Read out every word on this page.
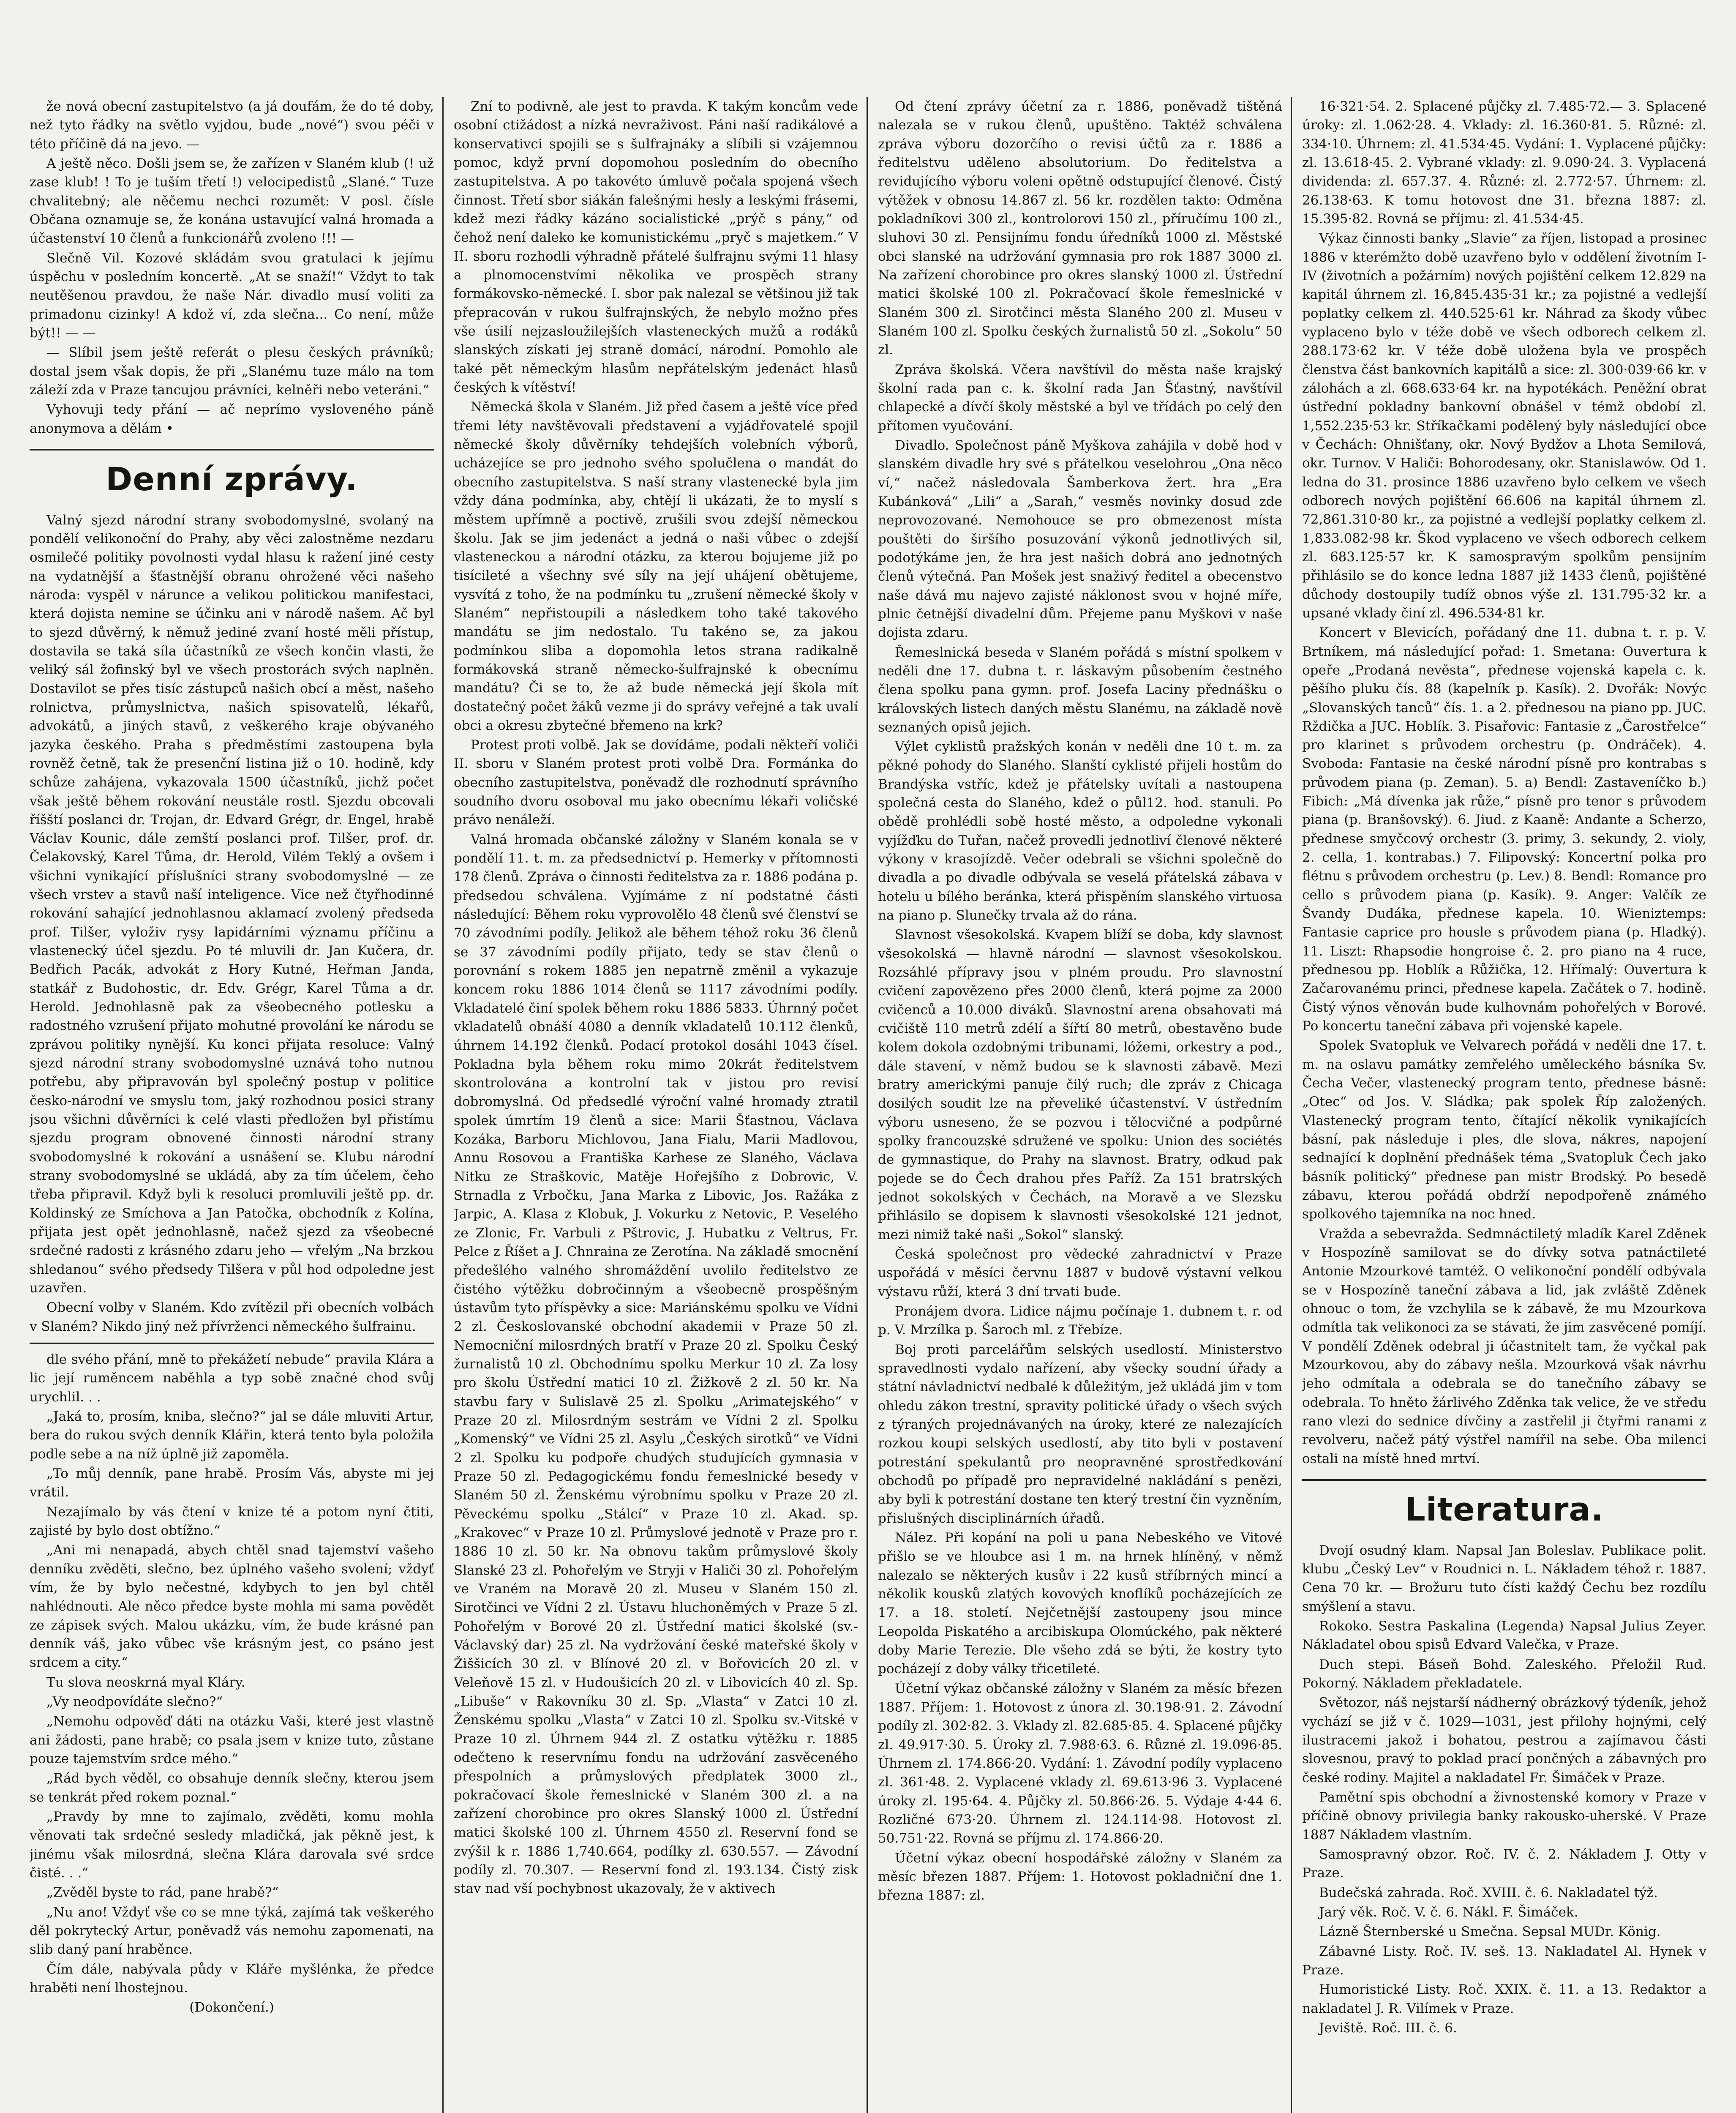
že nová obecní zastupitelstvo (a já doufám, že do té doby, než tyto řádky na světlo vyjdou, bude „nové“) svou péči v této příčině dá na jevo. —

A ještě něco. Došli jsem se, že zařízen v Slaném klub (! už zase klub! ! To je tuším třetí !) velocipedistů „Slané.“ Tuze chvalitebný; ale něčemu nechci rozumět: V posl. čísle Občana oznamuje se, že konána ustavující valná hromada a účastenství 10 členů a funkcionářů zvoleno !!! —

Slečně Vil. Kozové skládám svou gratulaci k jejímu úspěchu v posledním koncertě. „At se snaží!“ Vždyt to tak neutěšenou pravdou, že naše Nár. divadlo musí voliti za primadonu cizinky! A kdož ví, zda slečna... Co není, může být!! — —

— Slíbil jsem ještě referát o plesu českých právníků; dostal jsem však dopis, že při „Slanému tuze málo na tom záleží zda v Praze tancujou právníci, kelněři nebo veteráni.“

Vyhovuji tedy přání — ač neprímo vysloveného páně anonymova a dělám •

Denní zprávy.

Valný sjezd národní strany svobodomyslné, svolaný na pondělí velikonoční do Prahy, aby věci zalostněme nezdaru osmilečé politiky povolnosti vydal hlasu k ražení jiné cesty na vydatnější a šťastnější obranu ohrožené věci našeho národa: vyspěl v nárunce a velikou politickou manifestaci, která dojista nemine se účinku ani v národě našem. Ač byl to sjezd důvěrný, k němuž jediné zvaní hosté měli přístup, dostavila se taká síla účastníků ze všech končin vlasti, že veliký sál žofinský byl ve všech prostorách svých naplněn. Dostavilot se přes tisíc zástupců našich obcí a měst, našeho rolnictva, průmyslnictva, našich spisovatelů, lékařů, advokátů, a jiných stavů, z veškerého kraje obývaného jazyka českého. Praha s předměstími zastoupena byla rovněž četně, tak že presenční listina již o 10. hodině, kdy schůze zahájena, vykazovala 1500 účastníků, jichž počet však ještě během rokování neustále rostl. Sjezdu obcovali říšští poslanci dr. Trojan, dr. Edvard Grégr, dr. Engel, hrabě Václav Kounic, dále zemští poslanci prof. Tilšer, prof. dr. Čelakovský, Karel Tůma, dr. Herold, Vilém Teklý a ovšem i všichni vynikající příslušníci strany svobodomyslné — ze všech vrstev a stavů naší inteligence. Vice než čtyřhodinné rokování sahající jednohlasnou aklamací zvolený předseda prof. Tilšer, vyloživ rysy lapidárními významu příčinu a vlastenecký účel sjezdu. Po té mluvili dr. Jan Kučera, dr. Bedřich Pacák, advokát z Hory Kutné, Heřman Janda, statkář z Budohostic, dr. Edv. Grégr, Karel Tůma a dr. Herold. Jednohlasně pak za všeobecného potlesku a radostného vzrušení přijato mohutné provolání ke národu se zprávou politiky nynější. Ku konci přijata resoluce: Valný sjezd národní strany svobodomyslné uznává toho nutnou potřebu, aby připravován byl společný postup v politice česko-národní ve smyslu tom, jaký rozhodnou posici strany jsou všichni důvěrníci k celé vlasti předložen byl přistímu sjezdu program obnovené činnosti národní strany svobodomyslné k rokování a usnášení se. Klubu národní strany svobodomyslné se ukládá, aby za tím účelem, čeho třeba připravil. Když byli k resoluci promluvili ještě pp. dr. Koldinský ze Smíchova a Jan Patočka, obchodník z Kolína, přijata jest opět jednohlasně, načež sjezd za všeobecné srdečné radosti z krásného zdaru jeho — vřelým „Na brzkou shledanou“ svého předsedy Tilšera v půl hod odpoledne jest uzavřen.

Obecní volby v Slaném. Kdo zvítězil při obecních volbách v Slaném? Nikdo jiný než přívrženci německého šulfrainu.

dle svého přání, mně to překážetí nebude“ pravila Klára a lic její ruměncem naběhla a typ sobě značné chod svůj urychlil. . .

„Jaká to, prosím, kniba, slečno?“ jal se dále mluviti Artur, bera do rukou svých denník Klářin, která tento byla položila podle sebe a na níž úplně již zapoměla.

„To můj denník, pane hrabě. Prosím Vás, abyste mi jej vrátil.

Nezajímalo by vás čtení v knize té a potom nyní čtiti, zajisté by bylo dost obtížno.“

„Ani mi nenapadá, abych chtěl snad tajemství vašeho denníku zvěděti, slečno, bez úplného vašeho svolení; vždyť vím, že by bylo nečestné, kdybych to jen byl chtěl nahlédnouti. Ale něco předce byste mohla mi sama povědět ze zápisek svých. Malou ukázku, vím, že bude krásné pan denník váš, jako vůbec vše krásným jest, co psáno jest srdcem a city.“

Tu slova neoskrná myal Kláry.

„Vy neodpovídáte slečno?“

„Nemohu odpověď dáti na otázku Vaši, které jest vlastně ani žádosti, pane hrabě; co psala jsem v knize tuto, zůstane pouze tajemstvím srdce mého.“

„Rád bych věděl, co obsahuje denník slečny, kterou jsem se tenkrát před rokem poznal.“

„Pravdy by mne to zajímalo, zvěděti, komu mohla věnovati tak srdečné sesledy mladičká, jak pěkně jest, k jinému však milosrdná, slečna Klára darovala své srdce čisté. . .“

„Zvěděl byste to rád, pane hrabě?“

„Nu ano! Vždyť vše co se mne týká, zajímá tak veškerého děl pokrytecký Artur, poněvadž vás nemohu zapomenati, na slib daný paní hraběnce.

Čím dále, nabývala půdy v Kláře myšlénka, že předce hraběti není lhostejnou.

(Dokončení.)

Zní to podivně, ale jest to pravda. K takým koncům vede osobní ctižádost a nízká nevraživost. Páni naší radikálové a konservativci spojili se s šulfrajnáky a slíbili si vzájemnou pomoc, když první dopomohou posledním do obecního zastupitelstva. A po takovéto úmluvě počala spojená všech činnost. Třetí sbor siákán falešnými hesly a leskými frásemi, kdež mezi řádky kázáno socialistické „prýč s pány,“ od čehož není daleko ke komunistickému „pryč s majetkem.“ V II. sboru rozhodli výhradně přátelé šulfrajnu svými 11 hlasy a plnomocenstvími několika ve prospěch strany formákovsko-německé. I. sbor pak nalezal se většinou již tak přepracován v rukou šulfrajnských, že nebylo možno přes vše úsilí nejzasloužilejších vlasteneckých mužů a rodáků slanských získati jej straně domácí, národní. Pomohlo ale také pět německým hlasům nepřátelským jedenáct hlasů českých k vítěství!

Německá škola v Slaném. Již před časem a ještě více před třemi léty navštěvovali představení a vyjádřovatelé spojil německé školy důvěrníky tehdejších volebních výborů, ucházejíce se pro jednoho svého spolučlena o mandát do obecního zastupitelstva. S naší strany vlastenecké byla jim vždy dána podmínka, aby, chtějí li ukázati, že to myslí s městem upřímně a poctivě, zrušili svou zdejší německou školu. Jak se jim jedenáct a jedná o naši vůbec o zdejší vlasteneckou a národní otázku, za kterou bojujeme již po tisícileté a všechny své síly na její uhájení obětujeme, vysvítá z toho, že na podmínku tu „zrušení německé školy v Slaném“ nepřistoupili a následkem toho také takového mandátu se jim nedostalo. Tu takéno se, za jakou podmínkou sliba a dopomohla letos strana radikalně formákovská straně německo-šulfrajnské k obecnímu mandátu? Či se to, že až bude německá její škola mít dostatečný počet žáků vezme ji do správy veřejné a tak uvalí obci a okresu zbytečné břemeno na krk?

Protest proti volbě. Jak se dovídáme, podali někteří voliči II. sboru v Slaném protest proti volbě Dra. Formánka do obecního zastupitelstva, poněvadž dle rozhodnutí správního soudního dvoru osoboval mu jako obecnímu lékaři voličské právo nenáleží.

Valná hromada občanské záložny v Slaném konala se v pondělí 11. t. m. za předsednictví p. Hemerky v přítomnosti 178 členů. Zpráva o činnosti ředitelstva za r. 1886 podána p. předsedou schválena. Vyjímáme z ní podstatné části následující: Během roku vyprovolělo 48 členů své členství se 70 závodními podíly. Jelikož ale během téhož roku 36 členů se 37 závodními podíly přijato, tedy se stav členů o porovnání s rokem 1885 jen nepatrně změnil a vykazuje koncem roku 1886 1014 členů se 1117 závodními podíly. Vkladatelé činí spolek během roku 1886 5833. Úhrnný počet vkladatelů obnáší 4080 a denník vkladatelů 10.112 členků, úhrnem 14.192 členků. Podací protokol dosáhl 1043 čísel. Pokladna byla během roku mimo 20krát ředitelstvem skontrolována a kontrolní tak v jistou pro revisí dobromyslná. Od předsedlé výroční valné hromady ztratil spolek úmrtím 19 členů a sice: Marii Šťastnou, Václava Kozáka, Barboru Michlovou, Jana Fialu, Marii Madlovou, Annu Rosovou a Františka Karhese ze Slaného, Václava Nitku ze Straškovic, Matěje Hořejšího z Dobrovic, V. Strnadla z Vrbočku, Jana Marka z Libovic, Jos. Ražáka z Jarpic, A. Klasa z Klobuk, J. Vokurku z Netovic, P. Veselého ze Zlonic, Fr. Varbuli z Pštrovic, J. Hubatku z Veltrus, Fr. Pelce z Říšet a J. Chnraina ze Zerotína. Na základě smocnění předešlého valného shromáždění uvolilo ředitelstvo ze čistého výtěžku dobročinným a všeobecně prospěšným ústavům tyto příspěvky a sice: Mariánskému spolku ve Vídni 2 zl. Českoslovanské obchodní akademii v Praze 50 zl. Nemocniční milosrdných bratří v Praze 20 zl. Spolku Český žurnalistů 10 zl. Obchodnímu spolku Merkur 10 zl. Za losy pro školu Ústřední matici 10 zl. Žižkově 2 zl. 50 kr. Na stavbu fary v Sulislavě 25 zl. Spolku „Arimatejského“ v Praze 20 zl. Milosrdným sestrám ve Vídni 2 zl. Spolku „Komenský“ ve Vídni 25 zl. Asylu „Českých sirotků“ ve Vídni 2 zl. Spolku ku podpoře chudých studujících gymnasia v Praze 50 zl. Pedagogickému fondu řemeslnické besedy v Slaném 50 zl. Ženskému výrobnímu spolku v Praze 20 zl. Pěveckému spolku „Stálcí“ v Praze 10 zl. Akad. sp. „Krakovec“ v Praze 10 zl. Průmyslové jednotě v Praze pro r. 1886 10 zl. 50 kr. Na obnovu takům průmyslové školy Slanské 23 zl. Pohořelým ve Stryji v Haliči 30 zl. Pohořelým ve Vraném na Moravě 20 zl. Museu v Slaném 150 zl. Sirotčinci ve Vídni 2 zl. Ústavu hluchoněmých v Praze 5 zl. Pohořelým v Borové 20 zl. Ústřední matici školské (sv.-Václavský dar) 25 zl. Na vydržování české mateřské školy v Žiššicích 30 zl. v Blínové 20 zl. v Bořovicích 20 zl. v Veleňově 15 zl. v Hudoušicích 20 zl. v Libovicích 40 zl. Sp. „Libuše“ v Rakovníku 30 zl. Sp. „Vlasta“ v Zatci 10 zl. Ženskému spolku „Vlasta“ v Zatci 10 zl. Spolku sv.-Vitské v Praze 10 zl. Úhrnem 944 zl. Z ostatku výtěžku r. 1885 odečteno k reservnímu fondu na udržování zasvěceného přespolních a průmyslových předplatek 3000 zl., pokračovací škole řemeslnické v Slaném 300 zl. a na zařízení chorobince pro okres Slanský 1000 zl. Ústřední matici školské 100 zl. Úhrnem 4550 zl. Reservní fond se zvýšil k r. 1886 1,740.664, podílky zl. 630.557. — Závodní podíly zl. 70.307. — Reservní fond zl. 193.134. Čistý zisk stav nad vší pochybnost ukazovaly, že v aktivech

Od čtení zprávy účetní za r. 1886, poněvadž tištěná nalezala se v rukou členů, upuštěno. Taktéž schválena zpráva výboru dozorčího o revisi účtů za r. 1886 a ředitelstvu uděleno absolutorium. Do ředitelstva a revidujícího výboru voleni opětně odstupující členové. Čistý výtěžek v obnosu 14.867 zl. 56 kr. rozdělen takto: Odměna pokladníkovi 300 zl., kontrolorovi 150 zl., příručímu 100 zl., sluhovi 30 zl. Pensijnímu fondu úředníků 1000 zl. Městské obci slanské na udržování gymnasia pro rok 1887 3000 zl. Na zařízení chorobince pro okres slanský 1000 zl. Ústřední matici školské 100 zl. Pokračovací škole řemeslnické v Slaném 300 zl. Sirotčinci města Slaného 200 zl. Museu v Slaném 100 zl. Spolku českých žurnalistů 50 zl. „Sokolu“ 50 zl.

Zpráva školská. Včera navštívil do města naše krajský školní rada pan c. k. školní rada Jan Šťastný, navštívil chlapecké a dívčí školy městské a byl ve třídách po celý den přítomen vyučování.

Divadlo. Společnost páně Myškova zahájila v době hod v slanském divadle hry své s přátelkou veselohrou „Ona něco ví,“ načež následovala Šamberkova žert. hra „Era Kubánková“ „Lili“ a „Sarah,“ vesměs novinky dosud zde neprovozované. Nemohouce se pro obmezenost místa pouštěti do širšího posuzování výkonů jednotlivých sil, podotýkáme jen, že hra jest našich dobrá ano jednotných členů výtečná. Pan Mošek jest snaživý ředitel a obecenstvo naše dává mu najevo zajisté náklonost svou v hojné míře, plnic četnější divadelní dům. Přejeme panu Myškovi v naše dojista zdaru.

Řemeslnická beseda v Slaném pořádá s místní spolkem v neděli dne 17. dubna t. r. láskavým působením čestného člena spolku pana gymn. prof. Josefa Laciny přednášku o královských listech daných městu Slanému, na základě nově seznaných opisů jejich.

Výlet cyklistů pražských konán v neděli dne 10 t. m. za pěkné pohody do Slaného. Slanští cyklisté přijeli hostům do Brandýska vstříc, kdež je přátelsky uvítali a nastoupena společná cesta do Slaného, kdež o půl12. hod. stanuli. Po obědě prohlédli sobě hosté město, a odpoledne vykonali vyjížďku do Tuřan, načež provedli jednotliví členové některé výkony v krasojízdě. Večer odebrali se všichni společně do divadla a po divadle odbývala se veselá přátelská zábava v hotelu u bílého beránka, která přispěním slanského virtuosa na piano p. Slunečky trvala až do rána.

Slavnost všesokolská. Kvapem blíží se doba, kdy slavnost všesokolská — hlavně národní — slavnost všesokolskou. Rozsáhlé přípravy jsou v plném proudu. Pro slavnostní cvičení zapovězeno přes 2000 členů, která pojme za 2000 cvičenců a 10.000 diváků. Slavnostní arena obsahovati má cvičiště 110 metrů zdélí a šířtí 80 metrů, obestavěno bude kolem dokola ozdobnými tribunami, lóžemi, orkestry a pod., dále stavení, v němž budou se k slavnosti zábavě. Mezi bratry americkými panuje čilý ruch; dle zpráv z Chicaga dosilých soudit lze na převeliké účastenství. V ústředním výboru usneseno, že se pozvou i tělocvičné a podpůrné spolky francouzské sdružené ve spolku: Union des sociétés de gymnastique, do Prahy na slavnost. Bratry, odkud pak pojede se do Čech drahou přes Paříž. Za 151 bratrských jednot sokolských v Čechách, na Moravě a ve Slezsku přihlásilo se dopisem k slavnosti všesokolské 121 jednot, mezi nimiž také naši „Sokol“ slanský.

Česká společnost pro vědecké zahradnictví v Praze uspořádá v měsíci červnu 1887 v budově výstavní velkou výstavu růží, která 3 dní trvati bude.

Pronájem dvora. Lidice nájmu počínaje 1. dubnem t. r. od p. V. Mrzílka p. Šaroch ml. z Třebíze.

Boj proti parcelářům selských usedlostí. Ministerstvo spravedlnosti vydalo nařízení, aby všecky soudní úřady a státní návladnictví nedbalé k důležitým, jež ukládá jim v tom ohledu zákon trestní, spravity politické úřady o všech svých z týraných projednávaných na úroky, které ze nalezajících rozkou koupi selských usedlostí, aby tito byli v postavení potrestání spekulantů pro neopravněné sprostředkování obchodů po případě pro nepravidelné nakládání s penězi, aby byli k potrestání dostane ten který trestní čin vyzněním, přislušných disciplinárních úřadů.

Nález. Při kopání na poli u pana Nebeského ve Vitové přišlo se ve hloubce asi 1 m. na hrnek hlíněný, v němž nalezalo se některých kusův i 22 kusů stříbrných mincí a několik kousků zlatých kovových knoflíků pocházejících ze 17. a 18. století. Nejčetnější zastoupeny jsou mince Leopolda Piskatého a arcibiskupa Olomúckého, pak některé doby Marie Terezie. Dle všeho zdá se býti, že kostry tyto pocházejí z doby války třicetileté.

Účetní výkaz občanské záložny v Slaném za měsíc březen 1887. Příjem: 1. Hotovost z února zl. 30.198·91. 2. Závodní podíly zl. 302·82. 3. Vklady zl. 82.685·85. 4. Splacené půjčky zl. 49.917·30. 5. Úroky zl. 7.988·63. 6. Různé zl. 19.096·85. Úhrnem zl. 174.866·20. Vydání: 1. Závodní podíly vyplaceno zl. 361·48. 2. Vyplacené vklady zl. 69.613·96 3. Vyplacené úroky zl. 195·64. 4. Půjčky zl. 50.866·26. 5. Výdaje 4·44 6. Rozličné 673·20. Úhrnem zl. 124.114·98. Hotovost zl. 50.751·22. Rovná se příjmu zl. 174.866·20.

Účetní výkaz obecní hospodářské záložny v Slaném za měsíc březen 1887. Příjem: 1. Hotovost pokladniční dne 1. března 1887: zl.

16·321·54. 2. Splacené půjčky zl. 7.485·72.— 3. Splacené úroky: zl. 1.062·28. 4. Vklady: zl. 16.360·81. 5. Různé: zl. 334·10. Úhrnem: zl. 41.534·45. Vydání: 1. Vyplacené půjčky: zl. 13.618·45. 2. Vybrané vklady: zl. 9.090·24. 3. Vyplacená dividenda: zl. 657.37. 4. Různé: zl. 2.772·57. Úhrnem: zl. 26.138·63. K tomu hotovost dne 31. března 1887: zl. 15.395·82. Rovná se příjmu: zl. 41.534·45.

Výkaz činnosti banky „Slavie“ za říjen, listopad a prosinec 1886 v kterémžto době uzavřeno bylo v oddělení životním I-IV (životních a požárním) nových pojištění celkem 12.829 na kapitál úhrnem zl. 16,845.435·31 kr.; za pojistné a vedlejší poplatky celkem zl. 440.525·61 kr. Náhrad za škody vůbec vyplaceno bylo v téže době ve všech odborech celkem zl. 288.173·62 kr. V téže době uložena byla ve prospěch členstva část bankovních kapitálů a sice: zl. 300·039·66 kr. v zálohách a zl. 668.633·64 kr. na hypotékách. Peněžní obrat ústřední pokladny bankovní obnášel v témž období zl. 1,552.235·53 kr. Stříkačkami podělený byly následující obce v Čechách: Ohnišťany, okr. Nový Bydžov a Lhota Semilová, okr. Turnov. V Haliči: Bohorodesany, okr. Stanislawów. Od 1. ledna do 31. prosince 1886 uzavřeno bylo celkem ve všech odborech nových pojištění 66.606 na kapitál úhrnem zl. 72,861.310·80 kr., za pojistné a vedlejší poplatky celkem zl. 1,833.082·98 kr. Škod vyplaceno ve všech odborech celkem zl. 683.125·57 kr. K samospravým spolkům pensijním přihlásilo se do konce ledna 1887 již 1433 členů, pojištěné důchody dostoupily tudíž obnos výše zl. 131.795·32 kr. a upsané vklady činí zl. 496.534·81 kr.

Koncert v Blevicích, pořádaný dne 11. dubna t. r. p. V. Brtníkem, má následující pořad: 1. Smetana: Ouvertura k opeře „Prodaná nevěsta“, přednese vojenská kapela c. k. pěšího pluku čís. 88 (kapelník p. Kasík). 2. Dvořák: Novýc „Slovanských tanců“ čís. 1. a 2. přednesou na piano pp. JUC. Rždička a JUC. Hoblík. 3. Pisařovic: Fantasie z „Čarostřelce“ pro klarinet s průvodem orchestru (p. Ondráček). 4. Svoboda: Fantasie na české národní písně pro kontrabas s průvodem piana (p. Zeman). 5. a) Bendl: Zastaveníčko b.) Fibich: „Má dívenka jak růže,“ písně pro tenor s průvodem piana (p. Branšovský). 6. Jiud. z Kaaně: Andante a Scherzo, přednese smyčcový orchestr (3. primy, 3. sekundy, 2. violy, 2. cella, 1. kontrabas.) 7. Filipovský: Koncertní polka pro flétnu s průvodem orchestru (p. Lev.) 8. Bendl: Romance pro cello s průvodem piana (p. Kasík). 9. Anger: Valčík ze Švandy Dudáka, přednese kapela. 10. Wieniztemps: Fantasie caprice pro housle s průvodem piana (p. Hladký). 11. Liszt: Rhapsodie hongroise č. 2. pro piano na 4 ruce, přednesou pp. Hoblík a Růžička, 12. Hřímalý: Ouvertura k Začarovanému princi, přednese kapela. Začátek o 7. hodině. Čistý výnos věnován bude kulhovnám pohořelých v Borové. Po koncertu taneční zábava při vojenské kapele.

Spolek Svatopluk ve Velvarech pořádá v neděli dne 17. t. m. na oslavu památky zemřelého uměleckého básníka Sv. Čecha Večer, vlastenecký program tento, přednese básně: „Otec“ od Jos. V. Sládka; pak spolek Říp založených. Vlastenecký program tento, čítající několik vynikajících básní, pak následuje i ples, dle slova, nákres, napojení sednající k doplnění přednášek téma „Svatopluk Čech jako básník politický“ přednese pan mistr Brodský. Po besedě zábavu, kterou pořádá obdrží nepodpořeně známého spolkového tajemníka na noc hned.

Vražda a sebevražda. Sedmnáctiletý mladík Karel Zděnek v Hospozíně samilovat se do dívky sotva patnáctileté Antonie Mzourkové tamtéž. O velikonoční pondělí odbývala se v Hospozíně taneční zábava a lid, jak zvláště Zděnek ohnouc o tom, že vzchylila se k zábavě, že mu Mzourkova odmítla tak velikonoci za se stávati, že jim zasvěcené pomíjí. V pondělí Zděnek odebral ji účastnitelt tam, že vyčkal pak Mzourkovou, aby do zábavy nešla. Mzourková však návrhu jeho odmítala a odebrala se do tanečního zábavy se odebrala. To hněto žárlivého Zděnka tak velice, že ve středu rano vlezi do sednice dívčiny a zastřelil ji čtyřmi ranami z revolveru, načež pátý výstřel namířil na sebe. Oba milenci ostali na místě hned mrtví.

Literatura.

Dvojí osudný klam. Napsal Jan Boleslav. Publikace polit. klubu „Český Lev“ v Roudnici n. L. Nákladem téhož r. 1887. Cena 70 kr. — Brožuru tuto čísti každý Čechu bez rozdílu smýšlení a stavu.

Rokoko. Sestra Paskalina (Legenda) Napsal Julius Zeyer. Nákladatel obou spisů Edvard Valečka, v Praze.

Duch stepi. Báseň Bohd. Zaleského. Přeložil Rud. Pokorný. Nákladem překladatele.

Světozor, náš nejstarší nádherný obrázkový týdeník, jehož vychází se již v č. 1029—1031, jest přilohy hojnými, celý ilustracemi jakož i bohatou, pestrou a zajímavou části slovesnou, pravý to poklad prací pončných a zábavných pro české rodiny. Majitel a nakladatel Fr. Šimáček v Praze.

Pamětní spis obchodní a živnostenské komory v Praze v příčině obnovy privilegia banky rakousko-uherské. V Praze 1887 Nákladem vlastním.

Samospravný obzor. Roč. IV. č. 2. Nákladem J. Otty v Praze.

Budečská zahrada. Roč. XVIII. č. 6. Nakladatel týž.

Jarý věk. Roč. V. č. 6. Nákl. F. Šimáček.

Lázně Šternberské u Smečna. Sepsal MUDr. König.

Zábavné Listy. Roč. IV. seš. 13. Nakladatel Al. Hynek v Praze.

Humoristické Listy. Roč. XXIX. č. 11. a 13. Redaktor a nakladatel J. R. Vilímek v Praze.

Jeviště. Roč. III. č. 6.
